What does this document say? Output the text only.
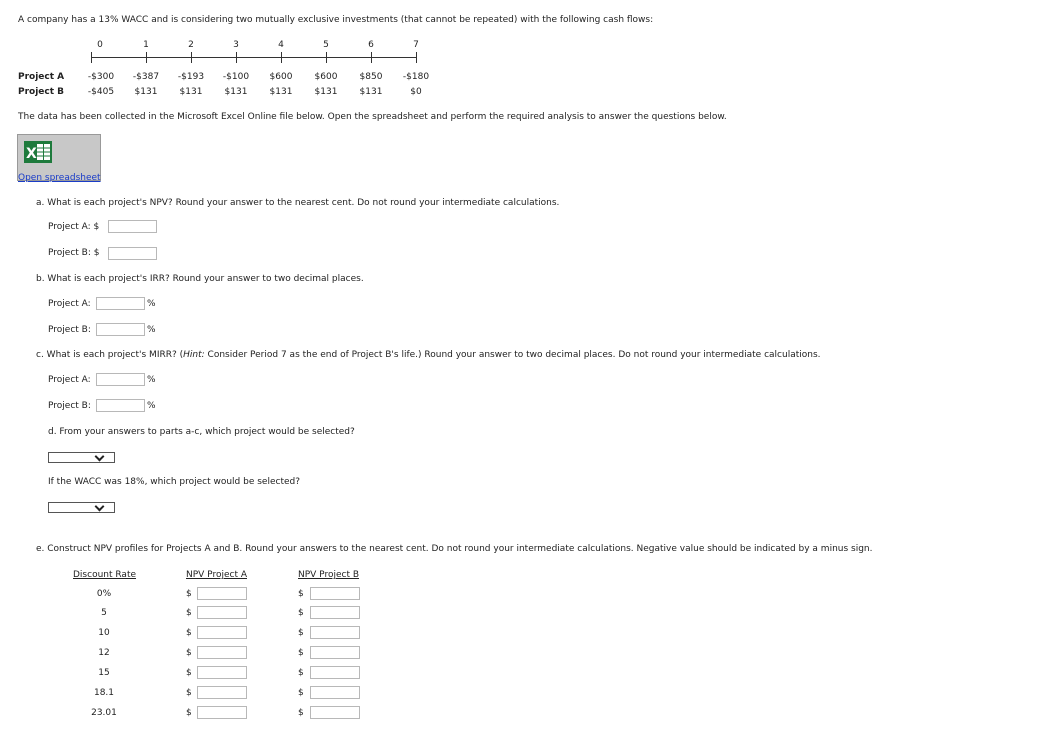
A company has a 13% WACC and is considering two mutually exclusive investments (that cannot be repeated) with the following cash flows:
0	1	2	3	4	5	6	7
Project A	-$300	-$387	-$193	-$100	$600	$600	$850	-$180
Project B	-$405	$131	$131	$131	$131	$131	$131	$0
The data has been collected in the Microsoft Excel Online file below. Open the spreadsheet and perform the required analysis to answer the questions below.
X
Open spreadsheet
a. What is each project's NPV? Round your answer to the nearest cent. Do not round your intermediate calculations.
Project A: $
Project B: $
b. What is each project's IRR? Round your answer to two decimal places.
Project A:	%
Project B:	%
c. What is each project's MIRR? (Hint: Consider Period 7 as the end of Project B's life.) Round your answer to two decimal places. Do not round your intermediate calculations.
Project A:	%
Project B:	%
d. From your answers to parts a-c, which project would be selected?
If the WACC was 18%, which project would be selected?
e. Construct NPV profiles for Projects A and B. Round your answers to the nearest cent. Do not round your intermediate calculations. Negative value should be indicated by a minus sign.
Discount Rate	NPV Project A	NPV Project B
0%	$	$
5	$	$
10	$	$
12	$	$
15	$	$
18.1	$	$
23.01	$	$
